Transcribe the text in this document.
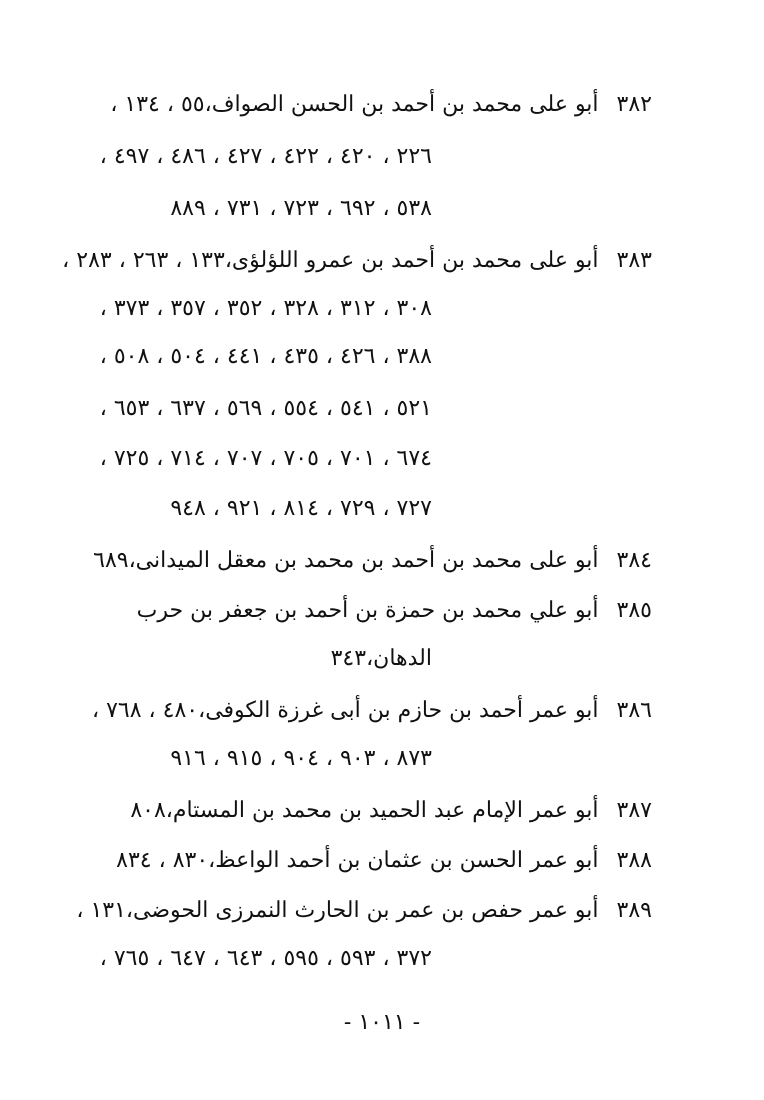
٣٨٢
أبو على محمد بن أحمد بن الحسن الصواف،٥٥ ، ١٣٤ ،
٢٢٦ ، ٤٢٠ ، ٤٢٢ ، ٤٢٧ ، ٤٨٦ ، ٤٩٧ ،
٥٣٨ ، ٦٩٢ ، ٧٢٣ ، ٧٣١ ، ٨٨٩
٣٨٣
أبو على محمد بن أحمد بن عمرو اللؤلؤى،١٣٣ ، ٢٦٣ ، ٢٨٣ ،
٣٠٨ ، ٣١٢ ، ٣٢٨ ، ٣٥٢ ، ٣٥٧ ، ٣٧٣ ،
٣٨٨ ، ٤٢٦ ، ٤٣٥ ، ٤٤١ ، ٥٠٤ ، ٥٠٨ ،
٥٢١ ، ٥٤١ ، ٥٥٤ ، ٥٦٩ ، ٦٣٧ ، ٦٥٣ ،
٦٧٤ ، ٧٠١ ، ٧٠٥ ، ٧٠٧ ، ٧١٤ ، ٧٢٥ ،
٧٢٧ ، ٧٢٩ ، ٨١٤ ، ٩٢١ ، ٩٤٨
٣٨٤
أبو على محمد بن أحمد بن محمد بن معقل الميدانى،٦٨٩
٣٨٥
أبو علي محمد بن حمزة بن أحمد بن جعفر بن حرب
الدهان،٣٤٣
٣٨٦
أبو عمر أحمد بن حازم بن أبى غرزة الكوفى،٤٨٠ ، ٧٦٨ ،
٨٧٣ ، ٩٠٣ ، ٩٠٤ ، ٩١٥ ، ٩١٦
٣٨٧
أبو عمر الإمام عبد الحميد بن محمد بن المستام،٨٠٨
٣٨٨
أبو عمر الحسن بن عثمان بن أحمد الواعظ،٨٣٠ ، ٨٣٤
٣٨٩
أبو عمر حفص بن عمر بن الحارث النمرزى الحوضى،١٣١ ،
٣٧٢ ، ٥٩٣ ، ٥٩٥ ، ٦٤٣ ، ٦٤٧ ، ٧٦٥ ،
- ١٠١١ -
